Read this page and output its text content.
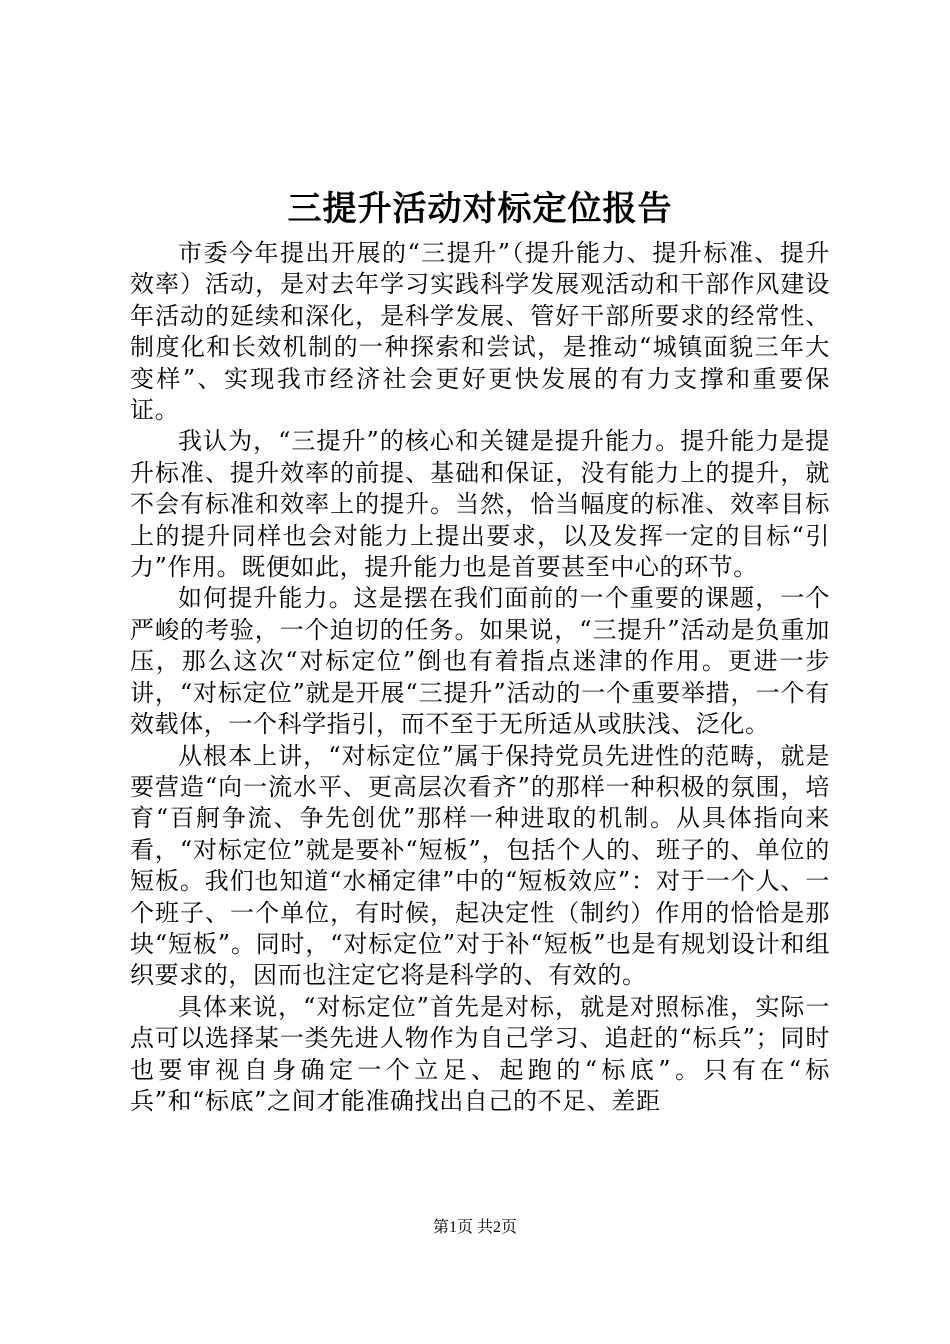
三提升活动对标定位报告

市委今年提出开展的“三提升”（提升能力、提升标准、提升效率）活动，是对去年学习实践科学发展观活动和干部作风建设年活动的延续和深化，是科学发展、管好干部所要求的经常性、制度化和长效机制的一种探索和尝试，是推动“城镇面貌三年大变样”、实现我市经济社会更好更快发展的有力支撑和重要保证。

我认为，“三提升”的核心和关键是提升能力。提升能力是提升标准、提升效率的前提、基础和保证，没有能力上的提升，就不会有标准和效率上的提升。当然，恰当幅度的标准、效率目标上的提升同样也会对能力上提出要求，以及发挥一定的目标“引力”作用。既便如此，提升能力也是首要甚至中心的环节。

如何提升能力。这是摆在我们面前的一个重要的课题，一个严峻的考验，一个迫切的任务。如果说，“三提升”活动是负重加压，那么这次“对标定位”倒也有着指点迷津的作用。更进一步讲，“对标定位”就是开展“三提升”活动的一个重要举措，一个有效载体，一个科学指引，而不至于无所适从或肤浅、泛化。

从根本上讲，“对标定位”属于保持党员先进性的范畴，就是要营造“向一流水平、更高层次看齐”的那样一种积极的氛围，培育“百舸争流、争先创优”那样一种进取的机制。从具体指向来看，“对标定位”就是要补“短板”，包括个人的、班子的、单位的短板。我们也知道“水桶定律”中的“短板效应”：对于一个人、一个班子、一个单位，有时候，起决定性（制约）作用的恰恰是那块“短板”。同时，“对标定位”对于补“短板”也是有规划设计和组织要求的，因而也注定它将是科学的、有效的。

具体来说，“对标定位”首先是对标，就是对照标准，实际一点可以选择某一类先进人物作为自己学习、追赶的“标兵”；同时也要审视自身确定一个立足、起跑的“标底”。只有在“标兵”和“标底”之间才能准确找出自己的不足、差距

第1页 共2页
